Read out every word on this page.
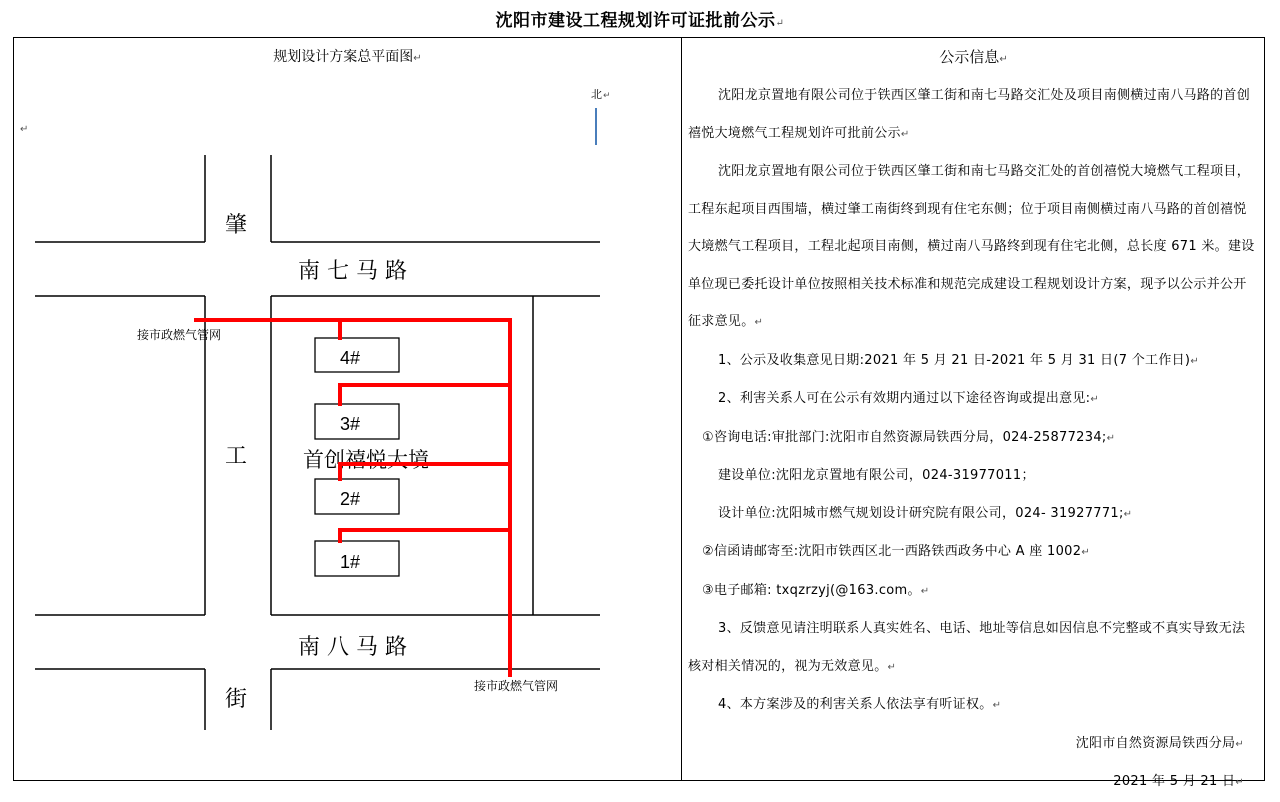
沈阳市建设工程规划许可证批前公示↵
规划设计方案总平面图↵
↵
北 ↵
肇
工
街
南 七 马 路
南 八 马 路
4#
3#
2#
1#
首创禧悦大境
接市政燃气管网
接市政燃气管网
公示信息↵

沈阳龙京置地有限公司位于铁西区肇工街和南七马路交汇处及项目南侧横过南八马路的首创禧悦大境燃气工程规划许可批前公示↵

沈阳龙京置地有限公司位于铁西区肇工街和南七马路交汇处的首创禧悦大境燃气工程项目，工程东起项目西围墙，横过肇工南街终到现有住宅东侧；位于项目南侧横过南八马路的首创禧悦大境燃气工程项目，工程北起项目南侧，横过南八马路终到现有住宅北侧，总长度 671 米。建设单位现已委托设计单位按照相关技术标准和规范完成建设工程规划设计方案，现予以公示并公开征求意见。↵

1、公示及收集意见日期:2021 年 5 月 21 日-2021 年 5 月 31 日(7 个工作日)↵

2、利害关系人可在公示有效期内通过以下途径咨询或提出意见:↵

①咨询电话:审批部门:沈阳市自然资源局铁西分局，024-25877234;↵

建设单位:沈阳龙京置地有限公司，024-31977011；

设计单位:沈阳城市燃气规划设计研究院有限公司，024- 31927771;↵

②信函请邮寄至:沈阳市铁西区北一西路铁西政务中心 A 座 1002↵

③电子邮箱: txqzrzyj(@163.com。↵

3、反馈意见请注明联系人真实姓名、电话、地址等信息如因信息不完整或不真实导致无法核对相关情况的，视为无效意见。↵

4、本方案涉及的利害关系人依法享有听证权。↵

沈阳市自然资源局铁西分局↵

2021 年 5 月 21 日↵
